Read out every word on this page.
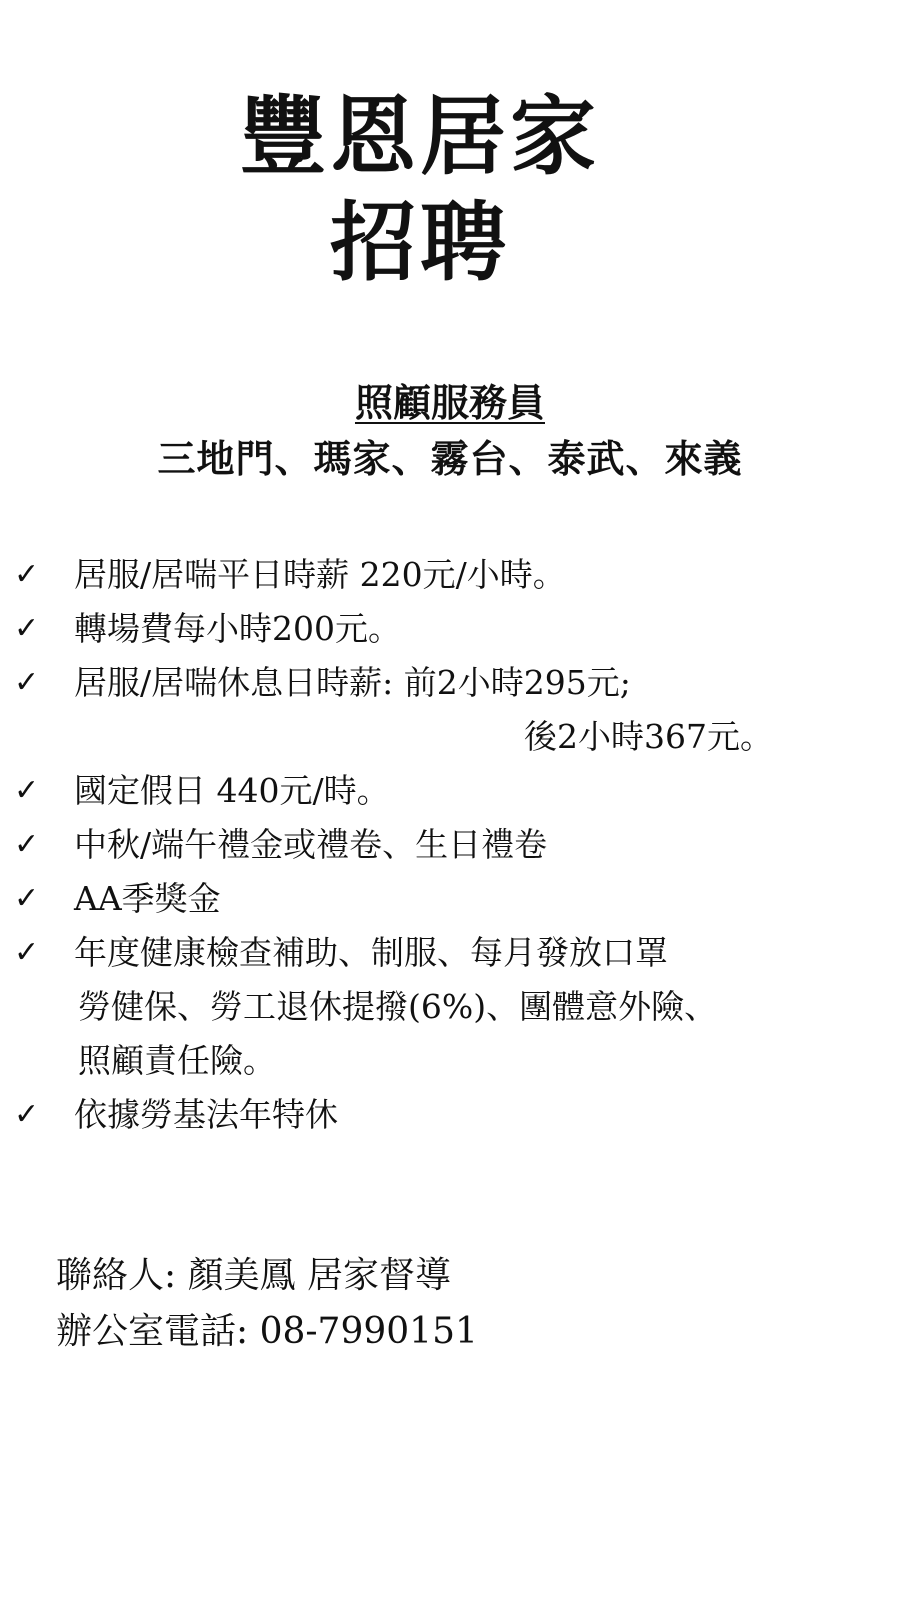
豐恩居家
招聘
照顧服務員
三地門、瑪家、霧台、泰武、來義
✓	居服/居喘平日時薪 220元/小時。
✓	轉場費每小時200元。
✓	居服/居喘休息日時薪: 前2小時295元;
後2小時367元。
✓	國定假日 440元/時。
✓	中秋/端午禮金或禮卷、生日禮卷
✓	AA季獎金
✓	年度健康檢查補助、制服、每月發放口罩
勞健保、勞工退休提撥(6%)、團體意外險、
照顧責任險。
✓	依據勞基法年特休
聯絡人: 顏美鳳 居家督導
辦公室電話: 08-7990151
